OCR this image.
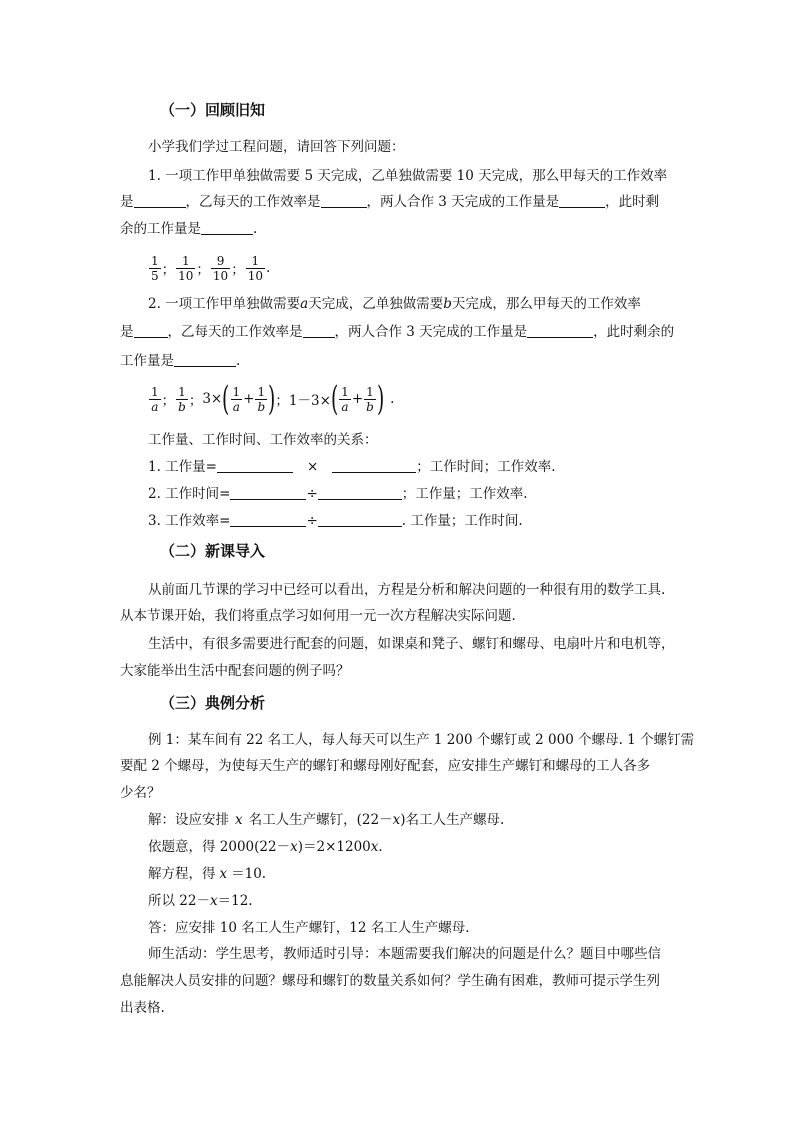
（一）回顾旧知
小学我们学过工程问题，请回答下列问题：
1. 一项工作甲单独做需要 5 天完成，乙单独做需要 10 天完成，那么甲每天的工作效率
是	，乙每天的工作效率是	，两人合作 3 天完成的工作量是	，此时剩
余的工作量是	.
$\frac{1}{5}$ ； $\frac{1}{10}$ ； $\frac{9}{10}$ ； $\frac{1}{10}$ .
2. 一项工作甲单独做需要a天完成，乙单独做需要b天完成，那么甲每天的工作效率
是	，乙每天的工作效率是 ，两人合作 3 天完成的工作量是	，此时剩余的
工作量是	.
$\frac{1}{a}$ ； $\frac{1}{b}$ ； 3× ( $\frac{1}{a} + \frac{1}{b}$ ) ； 1－3× ( $\frac{1}{a} + \frac{1}{b}$ ) .
工作量、工作时间、工作效率的关系：
1. 工作量=	×	；工作时间；工作效率.
2. 工作时间=	÷	；工作量；工作效率.
3. 工作效率=	÷	. 工作量；工作时间.
（二）新课导入
从前面几节课的学习中已经可以看出，方程是分析和解决问题的一种很有用的数学工具.
从本节课开始，我们将重点学习如何用一元一次方程解决实际问题.
生活中，有很多需要进行配套的问题，如课桌和凳子、螺钉和螺母、电扇叶片和电机等，
大家能举出生活中配套问题的例子吗？
（三）典例分析
例 1：某车间有 22 名工人，每人每天可以生产 1 200 个螺钉或 2 000 个螺母. 1 个螺钉需
要配 2 个螺母，为使每天生产的螺钉和螺母刚好配套，应安排生产螺钉和螺母的工人各多
少名？
解：设应安排 x 名工人生产螺钉，(22－x)名工人生产螺母.
依题意，得 2000(22－x)＝2×1200x.
解方程，得 x ＝10.
所以 22－x＝12.
答：应安排 10 名工人生产螺钉，12 名工人生产螺母.
师生活动：学生思考，教师适时引导：本题需要我们解决的问题是什么？题目中哪些信
息能解决人员安排的问题？螺母和螺钉的数量关系如何？学生确有困难，教师可提示学生列
出表格.
